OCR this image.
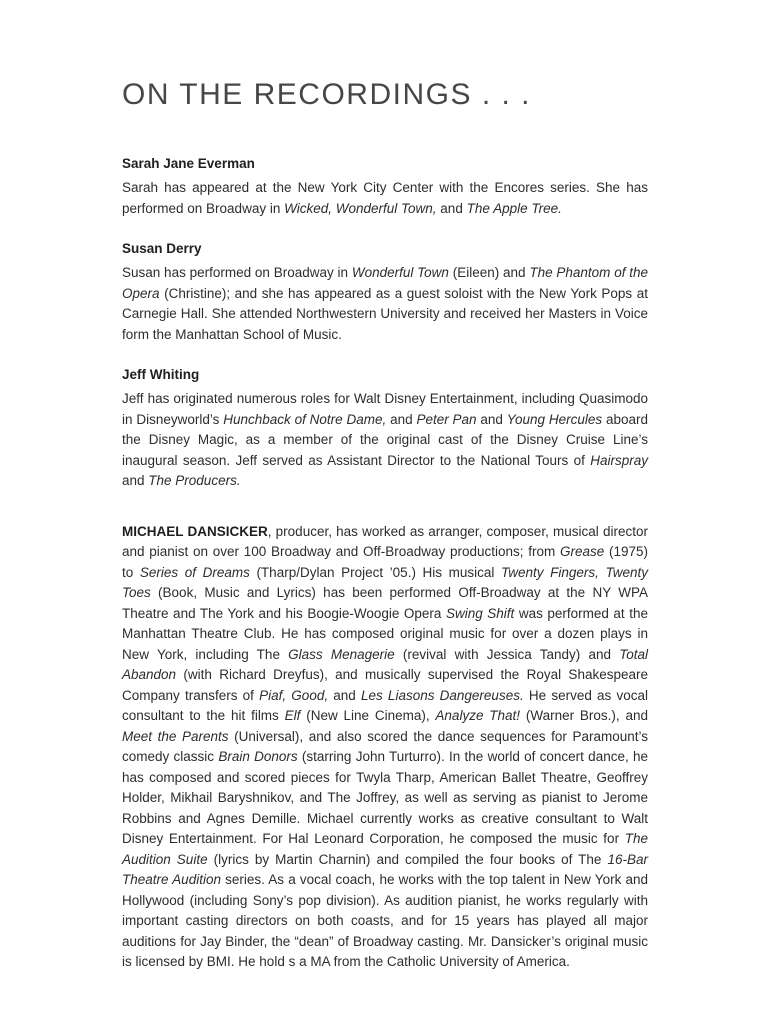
ON THE RECORDINGS . . .
Sarah Jane Everman

Sarah has appeared at the New York City Center with the Encores series. She has performed on Broadway in Wicked, Wonderful Town, and The Apple Tree.

Susan Derry

Susan has performed on Broadway in Wonderful Town (Eileen) and The Phantom of the Opera (Christine); and she has appeared as a guest soloist with the New York Pops at Carnegie Hall. She attended Northwestern University and received her Masters in Voice form the Manhattan School of Music.

Jeff Whiting

Jeff has originated numerous roles for Walt Disney Entertainment, including Quasimodo in Disneyworld’s Hunchback of Notre Dame, and Peter Pan and Young Hercules aboard the Disney Magic, as a member of the original cast of the Disney Cruise Line’s inaugural season. Jeff served as Assistant Director to the National Tours of Hairspray and The Producers.

MICHAEL DANSICKER, producer, has worked as arranger, composer, musical director and pianist on over 100 Broadway and Off-Broadway productions; from Grease (1975) to Series of Dreams (Tharp/Dylan Project ’05.) His musical Twenty Fingers, Twenty Toes (Book, Music and Lyrics) has been performed Off-Broadway at the NY WPA Theatre and The York and his Boogie-Woogie Opera Swing Shift was performed at the Manhattan Theatre Club. He has composed original music for over a dozen plays in New York, including The Glass Menagerie (revival with Jessica Tandy) and Total Abandon (with Richard Dreyfus), and musically supervised the Royal Shakespeare Company transfers of Piaf, Good, and Les Liasons Dangereuses. He served as vocal consultant to the hit films Elf (New Line Cinema), Analyze That! (Warner Bros.), and Meet the Parents (Universal), and also scored the dance sequences for Paramount’s comedy classic Brain Donors (starring John Turturro). In the world of concert dance, he has composed and scored pieces for Twyla Tharp, American Ballet Theatre, Geoffrey Holder, Mikhail Baryshnikov, and The Joffrey, as well as serving as pianist to Jerome Robbins and Agnes Demille. Michael currently works as creative consultant to Walt Disney Entertainment. For Hal Leonard Corporation, he composed the music for The Audition Suite (lyrics by Martin Charnin) and compiled the four books of The 16-Bar Theatre Audition series. As a vocal coach, he works with the top talent in New York and Hollywood (including Sony’s pop division). As audition pianist, he works regularly with important casting directors on both coasts, and for 15 years has played all major auditions for Jay Binder, the “dean” of Broadway casting. Mr. Dansicker’s original music is licensed by BMI. He hold s a MA from the Catholic University of America.
